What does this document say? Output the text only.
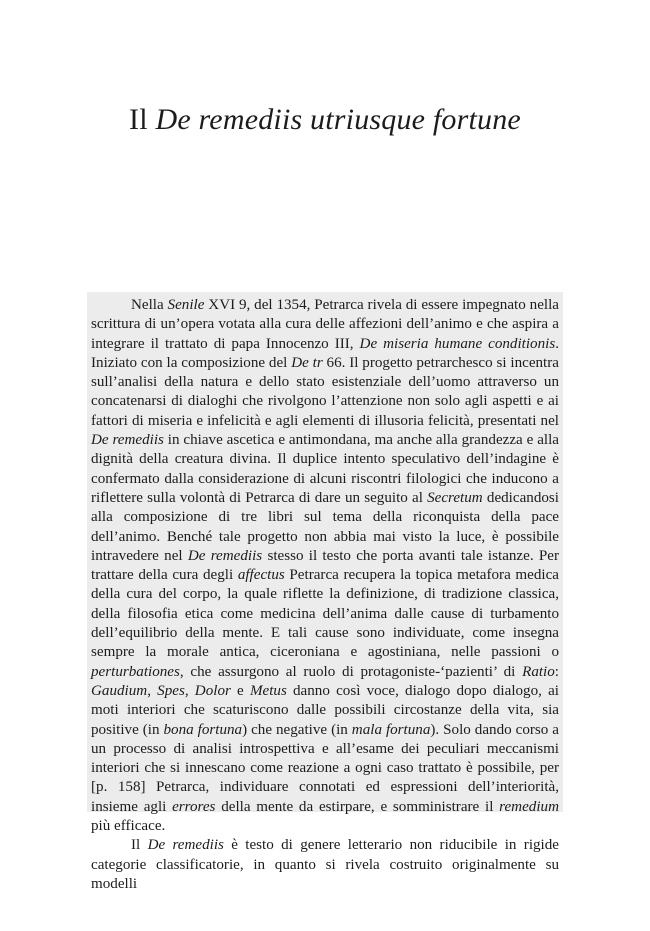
Il De remediis utriusque fortune

Nella Senile XVI 9, del 1354, Petrarca rivela di essere impegnato nella scrittura di un’opera votata alla cura delle affezioni dell’animo e che aspira a integrare il trattato di papa Innocenzo III, De miseria humane conditionis. Iniziato con la composizione del De tr 66. Il progetto petrarchesco si incentra sull’analisi della natura e dello stato esistenziale dell’uomo attraverso un concatenarsi di dialoghi che rivolgono l’attenzione non solo agli aspetti e ai fattori di miseria e infelicità e agli elementi di illusoria felicità, presentati nel De remediis in chiave ascetica e antimondana, ma anche alla grandezza e alla dignità della creatura divina. Il duplice intento speculativo dell’indagine è confermato dalla considerazione di alcuni riscontri filologici che inducono a riflettere sulla volontà di Petrarca di dare un seguito al Secretum dedicandosi alla composizione di tre libri sul tema della riconquista della pace dell’animo. Benché tale progetto non abbia mai visto la luce, è possibile intravedere nel De remediis stesso il testo che porta avanti tale istanze. Per trattare della cura degli affectus Petrarca recupera la topica metafora medica della cura del corpo, la quale riflette la definizione, di tradizione classica, della filosofia etica come medicina dell’anima dalle cause di turbamento dell’equilibrio della mente. E tali cause sono individuate, come insegna sempre la morale antica, ciceroniana e agostiniana, nelle passioni o perturbationes, che assurgono al ruolo di protagoniste-‘pazienti’ di Ratio: Gaudium, Spes, Dolor e Metus danno così voce, dialogo dopo dialogo, ai moti interiori che scaturiscono dalle possibili circostanze della vita, sia positive (in bona fortuna) che negative (in mala fortuna). Solo dando corso a un processo di analisi introspettiva e all’esame dei peculiari meccanismi interiori che si innescano come reazione a ogni caso trattato è possibile, per [p. 158] Petrarca, individuare connotati ed espressioni dell’interiorità, insieme agli errores della mente da estirpare, e somministrare il remedium più efficace.

Il De remediis è testo di genere letterario non riducibile in rigide categorie classificatorie, in quanto si rivela costruito originalmente su modelli
